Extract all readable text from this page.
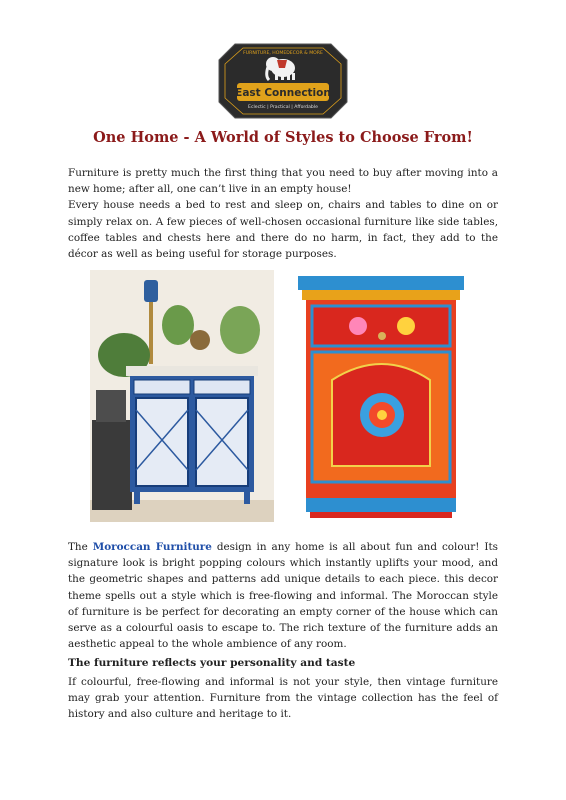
East Connection
FURNITURE, HOMEDECOR & MORE
Eclectic | Practical | Affordable
One Home - A World of Styles to Choose From!
Furniture is pretty much the first thing that you need to buy after moving into a new home; after all, one can’t live in an empty house!
Every house needs a bed to rest and sleep on, chairs and tables to dine on or simply relax on. A few pieces of well-chosen occasional furniture like side tables, coffee tables and chests here and there do no harm, in fact, they add to the décor as well as being useful for storage purposes.

The Moroccan Furniture design in any home is all about fun and colour! Its signature look is bright popping colours which instantly uplifts your mood, and the geometric shapes and patterns add unique details to each piece. this decor theme spells out a style which is free-flowing and informal. The Moroccan style of furniture is be perfect for decorating an empty corner of the house which can serve as a colourful oasis to escape to. The rich texture of the furniture adds an aesthetic appeal to the whole ambience of any room.

The furniture reflects your personality and taste

If colourful, free-flowing and informal is not your style, then vintage furniture may grab your attention. Furniture from the vintage collection has the feel of history and also culture and heritage to it.
